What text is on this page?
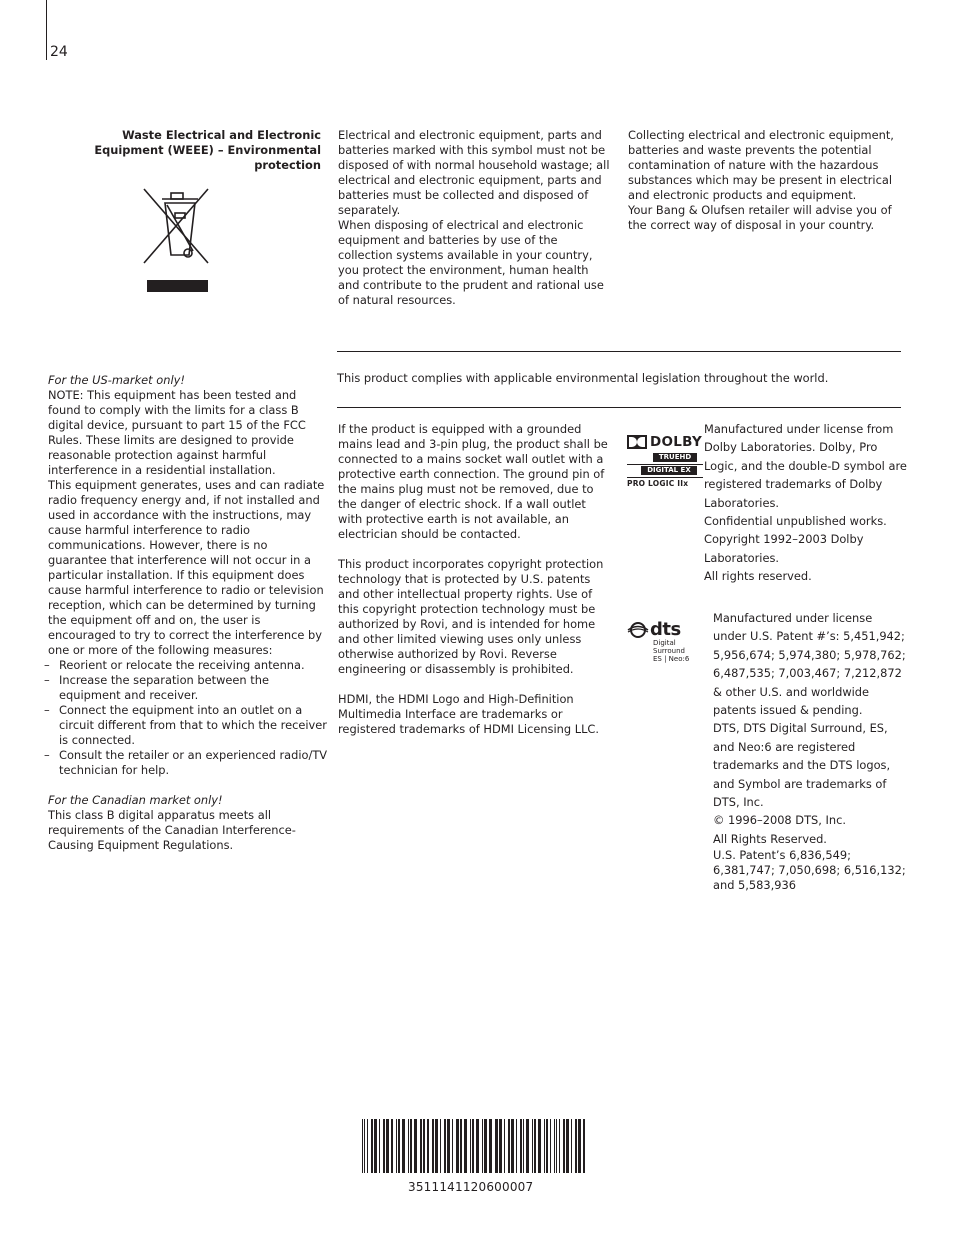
24
Waste Electrical and Electronic Equipment (WEEE) – Environmental protection
Electrical and electronic equipment, parts and batteries marked with this symbol must not be disposed of with normal household wastage; all electrical and electronic equipment, parts and batteries must be collected and disposed of separately.
When disposing of electrical and electronic equipment and batteries by use of the collection systems available in your country, you protect the environment, human health and contribute to the prudent and rational use of natural resources.
Collecting electrical and electronic equipment, batteries and waste prevents the potential contamination of nature with the hazardous substances which may be present in electrical and electronic products and equipment.
Your Bang & Olufsen retailer will advise you of the correct way of disposal in your country.
This product complies with applicable environmental legislation throughout the world.
For the US-market only!
NOTE: This equipment has been tested and found to comply with the limits for a class B digital device, pursuant to part 15 of the FCC Rules. These limits are designed to provide reasonable protection against harmful interference in a residential installation.
This equipment generates, uses and can radiate radio frequency energy and, if not installed and used in accordance with the instructions, may cause harmful interference to radio communications. However, there is no guarantee that interference will not occur in a particular installation. If this equipment does cause harmful interference to radio or television reception, which can be determined by turning the equipment off and on, the user is encouraged to try to correct the interference by one or more of the following measures:
– Reorient or relocate the receiving antenna.
– Increase the separation between the equipment and receiver.
– Connect the equipment into an outlet on a circuit different from that to which the receiver is connected.
– Consult the retailer or an experienced radio/TV technician for help.
For the Canadian market only!
This class B digital apparatus meets all requirements of the Canadian Interference-Causing Equipment Regulations.
If the product is equipped with a grounded mains lead and 3-pin plug, the product shall be connected to a mains socket wall outlet with a protective earth connection. The ground pin of the mains plug must not be removed, due to the danger of electric shock. If a wall outlet with protective earth is not available, an electrician should be contacted.
This product incorporates copyright protection technology that is protected by U.S. patents and other intellectual property rights. Use of this copyright protection technology must be authorized by Rovi, and is intended for home and other limited viewing uses only unless otherwise authorized by Rovi. Reverse engineering or disassembly is prohibited.
HDMI, the HDMI Logo and High-Definition Multimedia Interface are trademarks or registered trademarks of HDMI Licensing LLC.
DOLBY
TRUEHD
DIGITAL EX
PRO LOGIC IIx
Manufactured under license from Dolby Laboratories. Dolby, Pro Logic, and the double-D symbol are registered trademarks of Dolby Laboratories.
Confidential unpublished works. Copyright 1992–2003 Dolby Laboratories.
All rights reserved.
dts
Digital Surround
ES | Neo:6
Manufactured under license under U.S. Patent #’s: 5,451,942; 5,956,674; 5,974,380; 5,978,762; 6,487,535; 7,003,467; 7,212,872 & other U.S. and worldwide patents issued & pending.
DTS, DTS Digital Surround, ES, and Neo:6 are registered trademarks and the DTS logos, and Symbol are trademarks of DTS, Inc.
© 1996–2008 DTS, Inc.
All Rights Reserved.
U.S. Patent’s 6,836,549; 6,381,747; 7,050,698; 6,516,132; and 5,583,936
3511141120600007
